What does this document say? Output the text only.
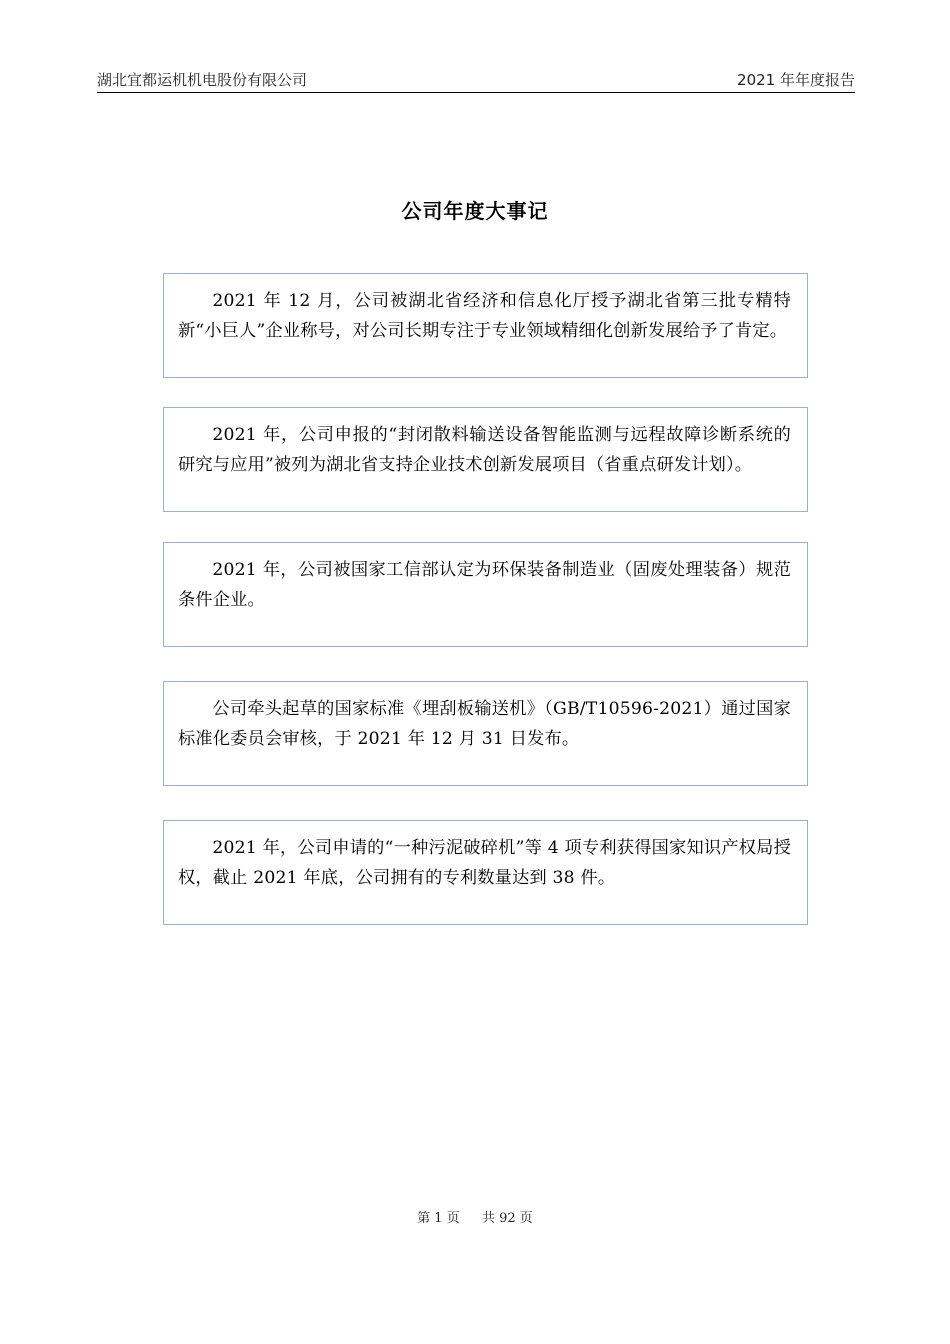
湖北宜都运机机电股份有限公司	2021 年年度报告
公司年度大事记
2021 年 12 月，公司被湖北省经济和信息化厅授予湖北省第三批专精特新“小巨人”企业称号，对公司长期专注于专业领域精细化创新发展给予了肯定。
2021 年，公司申报的“封闭散料输送设备智能监测与远程故障诊断系统的研究与应用”被列为湖北省支持企业技术创新发展项目（省重点研发计划）。
2021 年，公司被国家工信部认定为环保装备制造业（固废处理装备）规范条件企业。
公司牵头起草的国家标准《埋刮板输送机》（GB/T10596-2021）通过国家标准化委员会审核，于 2021 年 12 月 31 日发布。
2021 年，公司申请的“一种污泥破碎机”等 4 项专利获得国家知识产权局授权，截止 2021 年底，公司拥有的专利数量达到 38 件。
第 1 页 共 92 页
